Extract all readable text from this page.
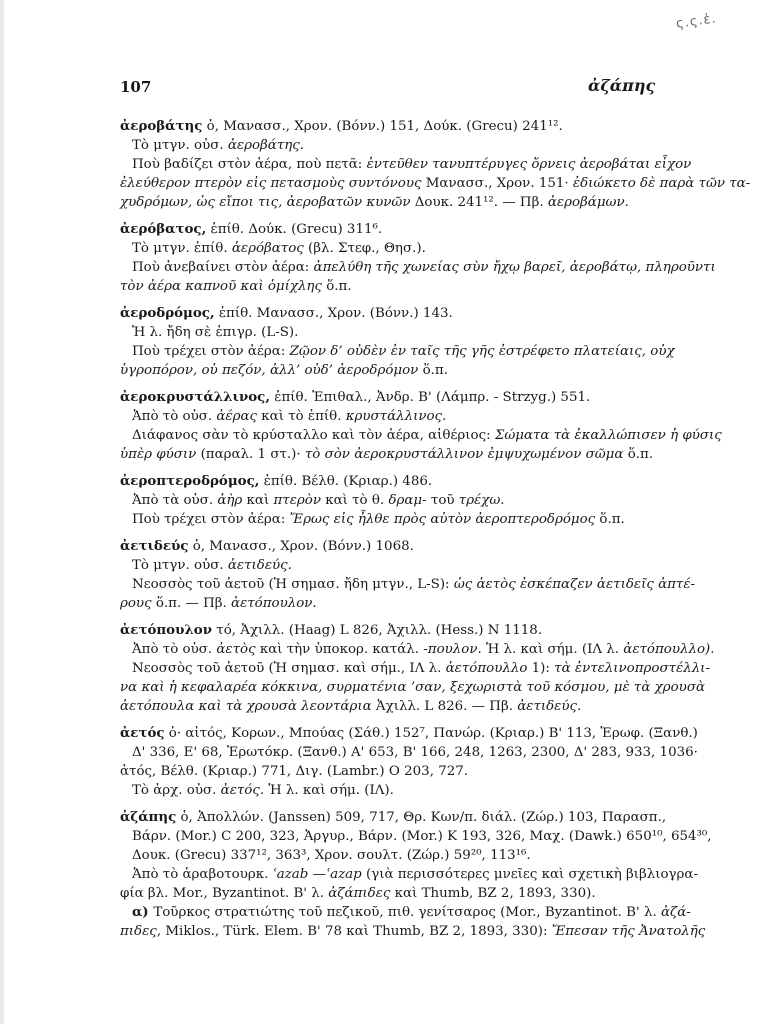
ς.ς.ἐ.
107	ἀζάπης
ἀεροβάτης ὁ, Μανασσ., Χρον. (Βόνν.) 151, Δούκ. (Grecu) 241¹².
Τὸ μτγν. οὐσ. ἀεροβάτης.
Ποὺ βαδίζει στὸν ἀέρα, ποὺ πετᾶ: ἐντεῦθεν τανυπτέρυγες ὄρνεις ἀεροβάται εἶχον
ἐλεύθερον πτερὸν εἰς πετασμοὺς συντόνους Μανασσ., Χρον. 151· ἐδιώκετο δὲ παρὰ τῶν τα-
χυδρόμων, ὡς εἴποι τις, ἀεροβατῶν κυνῶν Δουκ. 241¹². — Πβ. ἀεροβάμων.
ἀερόβατος, ἐπίθ. Δούκ. (Grecu) 311⁶.
Τὸ μτγν. ἐπίθ. ἀερόβατος (βλ. Στεφ., Θησ.).
Ποὺ ἀνεβαίνει στὸν ἀέρα: ἀπελύθη τῆς χωνείας σὺν ἤχῳ βαρεῖ, ἀεροβάτῳ, πληροῦντι
τὸν ἀέρα καπνοῦ καὶ ὁμίχλης ὅ.π.
ἀεροδρόμος, ἐπίθ. Μανασσ., Χρον. (Βόνν.) 143.
Ἡ λ. ἤδη σὲ ἐπιγρ. (L-S).
Ποὺ τρέχει στὸν ἀέρα: Ζῷον δ’ οὐδὲν ἐν ταῖς τῆς γῆς ἐστρέφετο πλατείαις, οὐχ
ὑγροπόρον, οὐ πεζόν, ἀλλ’ οὐδ’ ἀεροδρόμον ὅ.π.
ἀεροκρυστάλλινος, ἐπίθ. Ἐπιθαλ., Ἀνδρ. Β' (Λάμπρ. - Strzyg.) 551.
Ἀπὸ τὸ οὐσ. ἀέρας καὶ τὸ ἐπίθ. κρυστάλλινος.
Διάφανος σὰν τὸ κρύσταλλο καὶ τὸν ἀέρα, αἰθέριος: Σώματα τὰ ἐκαλλώπισεν ἡ φύσις
ὑπὲρ φύσιν (παραλ. 1 στ.)· τὸ σὸν ἀεροκρυστάλλινον ἐμψυχωμένον σῶμα ὅ.π.
ἀεροπτεροδρόμος, ἐπίθ. Βέλθ. (Κριαρ.) 486.
Ἀπὸ τὰ οὐσ. ἀὴρ καὶ πτερὸν καὶ τὸ θ. δραμ- τοῦ τρέχω.
Ποὺ τρέχει στὸν ἀέρα: Ἔρως εἰς ἦλθε πρὸς αὐτὸν ἀεροπτεροδρόμος ὅ.π.
ἀετιδεύς ὁ, Μανασσ., Χρον. (Βόνν.) 1068.
Τὸ μτγν. οὐσ. ἀετιδεύς.
Νεοσσὸς τοῦ ἀετοῦ (Ἡ σημασ. ἤδη μτγν., L-S): ὡς ἀετὸς ἐσκέπαζεν ἀετιδεῖς ἀπτέ-
ρους ὅ.π. — Πβ. ἀετόπουλον.
ἀετόπουλον τό, Ἀχιλλ. (Haag) L 826, Ἀχιλλ. (Hess.) N 1118.
Ἀπὸ τὸ οὐσ. ἀετὸς καὶ τὴν ὑποκορ. κατάλ. -πουλον. Ἡ λ. καὶ σήμ. (ΙΛ λ. ἀετόπουλλο).
Νεοσσὸς τοῦ ἀετοῦ (Ἡ σημασ. καὶ σήμ., ΙΛ λ. ἀετόπουλλο 1): τὰ ἐντελινοπροστέλλι-
να καὶ ἡ κεφαλαρέα κόκκινα, συρματένια ’σαν, ξεχωριστὰ τοῦ κόσμου, μὲ τὰ χρουσὰ
ἀετόπουλα καὶ τὰ χρουσὰ λεοντάρια Ἀχιλλ. L 826. — Πβ. ἀετιδεύς.
ἀετός ὁ· αἰτός, Κορων., Μπούας (Σάθ.) 152⁷, Πανώρ. (Κριαρ.) Β' 113, Ἐρωφ. (Ξανθ.)
Δ' 336, Ε' 68, Ἐρωτόκρ. (Ξανθ.) Α' 653, Β' 166, 248, 1263, 2300, Δ' 283, 933, 1036·
ἀτός, Βέλθ. (Κριαρ.) 771, Διγ. (Lambr.) Ο 203, 727.
Τὸ ἀρχ. οὐσ. ἀετός. Ἡ λ. καὶ σήμ. (ΙΛ).
ἀζάπης ὁ, Ἀπολλών. (Janssen) 509, 717, Θρ. Κων/π. διάλ. (Ζώρ.) 103, Παρασπ.,
Βάρν. (Mor.) C 200, 323, Ἀργυρ., Βάρν. (Mor.) Κ 193, 326, Μαχ. (Dawk.) 650¹⁰, 654³⁰,
Δουκ. (Grecu) 337¹², 363³, Χρον. σουλτ. (Ζώρ.) 59²⁰, 113¹⁶.
Ἀπὸ τὸ ἀραβοτουρκ. ʿazab —ʿazap (γιὰ περισσότερες μνεῖες καὶ σχετικὴ βιβλιογρα-
φία βλ. Mor., Byzantinot. Β' λ. ἀζάπιδες καὶ Thumb, BZ 2, 1893, 330).
α) Τοῦρκος στρατιώτης τοῦ πεζικοῦ, πιθ. γενίτσαρος (Mor., Byzantinot. Β' λ. ἀζά-
πιδες, Miklos., Türk. Elem. Β' 78 καὶ Thumb, BZ 2, 1893, 330): Ἔπεσαν τῆς Ἀνατολῆς
